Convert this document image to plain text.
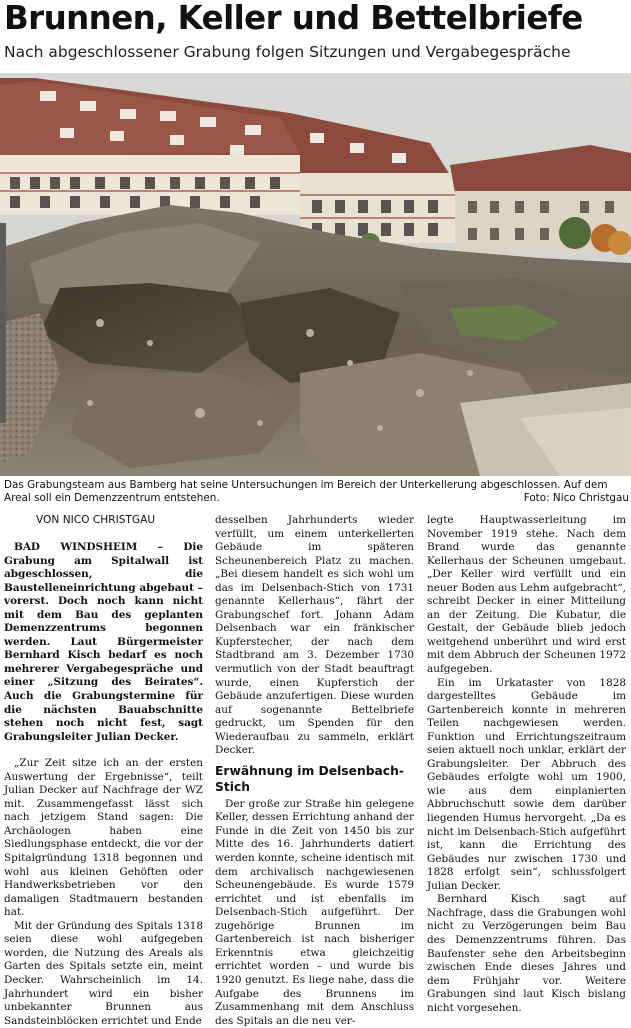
Brunnen, Keller und Bettelbriefe
Nach abgeschlossener Grabung folgen Sitzungen und Vergabegespräche
Das Grabungsteam aus Bamberg hat seine Untersuchungen im Bereich der Unterkellerung abgeschlossen. Auf dem Areal soll ein Demenzzentrum entstehen.	Foto: Nico Christgau
VON NICO CHRISTGAU

BAD WINDSHEIM – Die Grabung am Spitalwall ist abgeschlossen, die Baustelleneinrichtung abgebaut – vorerst. Doch noch kann nicht mit dem Bau des geplanten Demenzzentrums begonnen werden. Laut Bürgermeister Bernhard Kisch bedarf es noch mehrerer Vergabegespräche und einer „Sitzung des Beirates“. Auch die Grabungstermine für die nächsten Bauabschnitte stehen noch nicht fest, sagt Grabungsleiter Julian Decker.

„Zur Zeit sitze ich an der ersten Auswertung der Ergebnisse“, teilt Julian Decker auf Nachfrage der WZ mit. Zusammengefasst lässt sich nach jetzigem Stand sagen: Die Archäologen haben eine Siedlungsphase entdeckt, die vor der Spitalgründung 1318 begonnen und wohl aus kleinen Gehöften oder Handwerksbetrieben vor den damaligen Stadtmauern bestanden hat.

Mit der Gründung des Spitals 1318 seien diese wohl aufgegeben worden, die Nutzung des Areals als Garten des Spitals setzte ein, meint Decker. Wahrscheinlich im 14. Jahrhundert wird ein bisher unbekannter Brunnen aus Sandsteinblöcken errichtet und Ende

desselben Jahrhunderts wieder verfüllt, um einem unterkellerten Gebäude im späteren Scheunenbereich Platz zu machen. „Bei diesem handelt es sich wohl um das im Delsenbach-Stich von 1731 genannte Kellerhaus“, fährt der Grabungschef fort. Johann Adam Delsenbach war ein fränkischer Kupferstecher, der nach dem Stadtbrand am 3. Dezember 1730 vermutlich von der Stadt beauftragt wurde, einen Kupferstich der Gebäude anzufertigen. Diese wurden auf sogenannte Bettelbriefe gedruckt, um Spenden für den Wiederaufbau zu sammeln, erklärt Decker.

Erwähnung im Delsenbach-Stich

Der große zur Straße hin gelegene Keller, dessen Errichtung anhand der Funde in die Zeit von 1450 bis zur Mitte des 16. Jahrhunderts datiert werden konnte, scheine identisch mit dem archivalisch nachgewiesenen Scheunengebäude. Es wurde 1579 errichtet und ist ebenfalls im Delsenbach-Stich aufgeführt. Der zugehörige Brunnen im Gartenbereich ist nach bisheriger Erkenntnis etwa gleichzeitig errichtet worden – und wurde bis 1920 genutzt. Es liege nahe, dass die Aufgabe des Brunnens im Zusammenhang mit dem Anschluss des Spitals an die neu ver-

legte Hauptwasserleitung im November 1919 stehe. Nach dem Brand wurde das genannte Kellerhaus der Scheunen umgebaut. „Der Keller wird verfüllt und ein neuer Boden aus Lehm aufgebracht“, schreibt Decker in einer Mitteilung an der Zeitung. Die Kubatur, die Gestalt, der Gebäude blieb jedoch weitgehend unberührt und wird erst mit dem Abbruch der Scheunen 1972 aufgegeben.

Ein im Urkataster von 1828 dargestelltes Gebäude im Gartenbereich konnte in mehreren Teilen nachgewiesen werden. Funktion und Errichtungszeitraum seien aktuell noch unklar, erklärt der Grabungsleiter. Der Abbruch des Gebäudes erfolgte wohl um 1900, wie aus dem einplanierten Abbruchschutt sowie dem darüber liegenden Humus hervorgeht. „Da es nicht im Delsenbach-Stich aufgeführt ist, kann die Errichtung des Gebäudes nur zwischen 1730 und 1828 erfolgt sein“, schlussfolgert Julian Decker.

Bernhard Kisch sagt auf Nachfrage, dass die Grabungen wohl nicht zu Verzögerungen beim Bau des Demenzzentrums führen. Das Baufenster sehe den Arbeitsbeginn zwischen Ende dieses Jahres und dem Frühjahr vor. Weitere Grabungen sind laut Kisch bislang nicht vorgesehen.
